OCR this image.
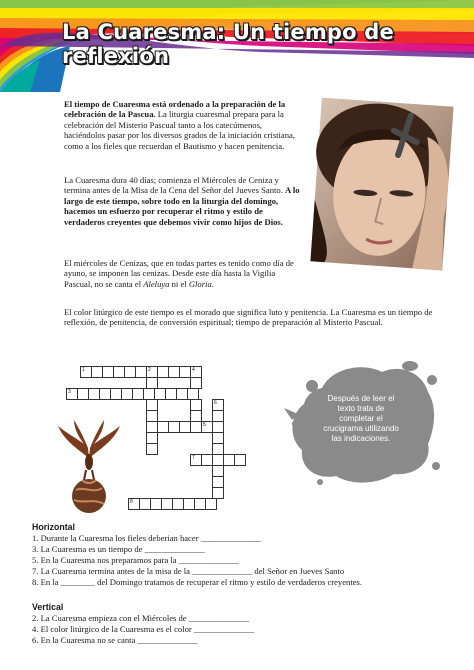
La Cuaresma: Un tiempo de reflexión
El tiempo de Cuaresma está ordenado a la preparación de la celebración de la Pascua. La liturgia cuaresmal prepara para la celebración del Misterio Pascual tanto a los catecúmenos, haciéndolos pasar por los diversos grados de la iniciación cristiana, como a los fieles que recuerdan el Bautismo y hacen penitencia.
La Cuaresma dura 40 días; comienza el Miércoles de Ceniza y termina antes de la Misa de la Cena del Señor del Jueves Santo. A lo largo de este tiempo, sobre todo en la liturgia del domingo, hacemos un esfuerzo por recuperar el ritmo y estilo de verdaderos creyentes que debemos vivir como hijos de Dios.
El miércoles de Cenizas, que en todas partes es tenido como día de ayuno, se imponen las cenizas. Desde este día hasta la Vigilia Pascual, no se canta el Aleluya ni el Gloria.
El color litúrgico de este tiempo es el morado que significa luto y penitencia. La Cuaresma es un tiempo de reflexión, de penitencia, de conversión espiritual; tiempo de preparación al Misterio Pascual.
1	2
3
4
5
6
7
8
Después de leer el texto trata de completar el crucigrama utilizando las indicaciones.
Horizontal
1. Durante la Cuaresma los fieles deberian hacer ______________
3. La Cuaresma es un tiempo de ______________
5. En la Cuaresma nos preparamos para la ______________
7. La Cuaresma termina antes de la misa de la ______________ del Señor en Jueves Santo
8. En la ________ del Domingo tratamos de recuperar el ritmo y estilo de verdaderos creyentes.
Vertical
2. La Cuaresma empieza con el Miércoles de ______________
4. El color litúrgico de la Cuaresma es el color ______________
6. En la Cuaresma no se canta ______________
